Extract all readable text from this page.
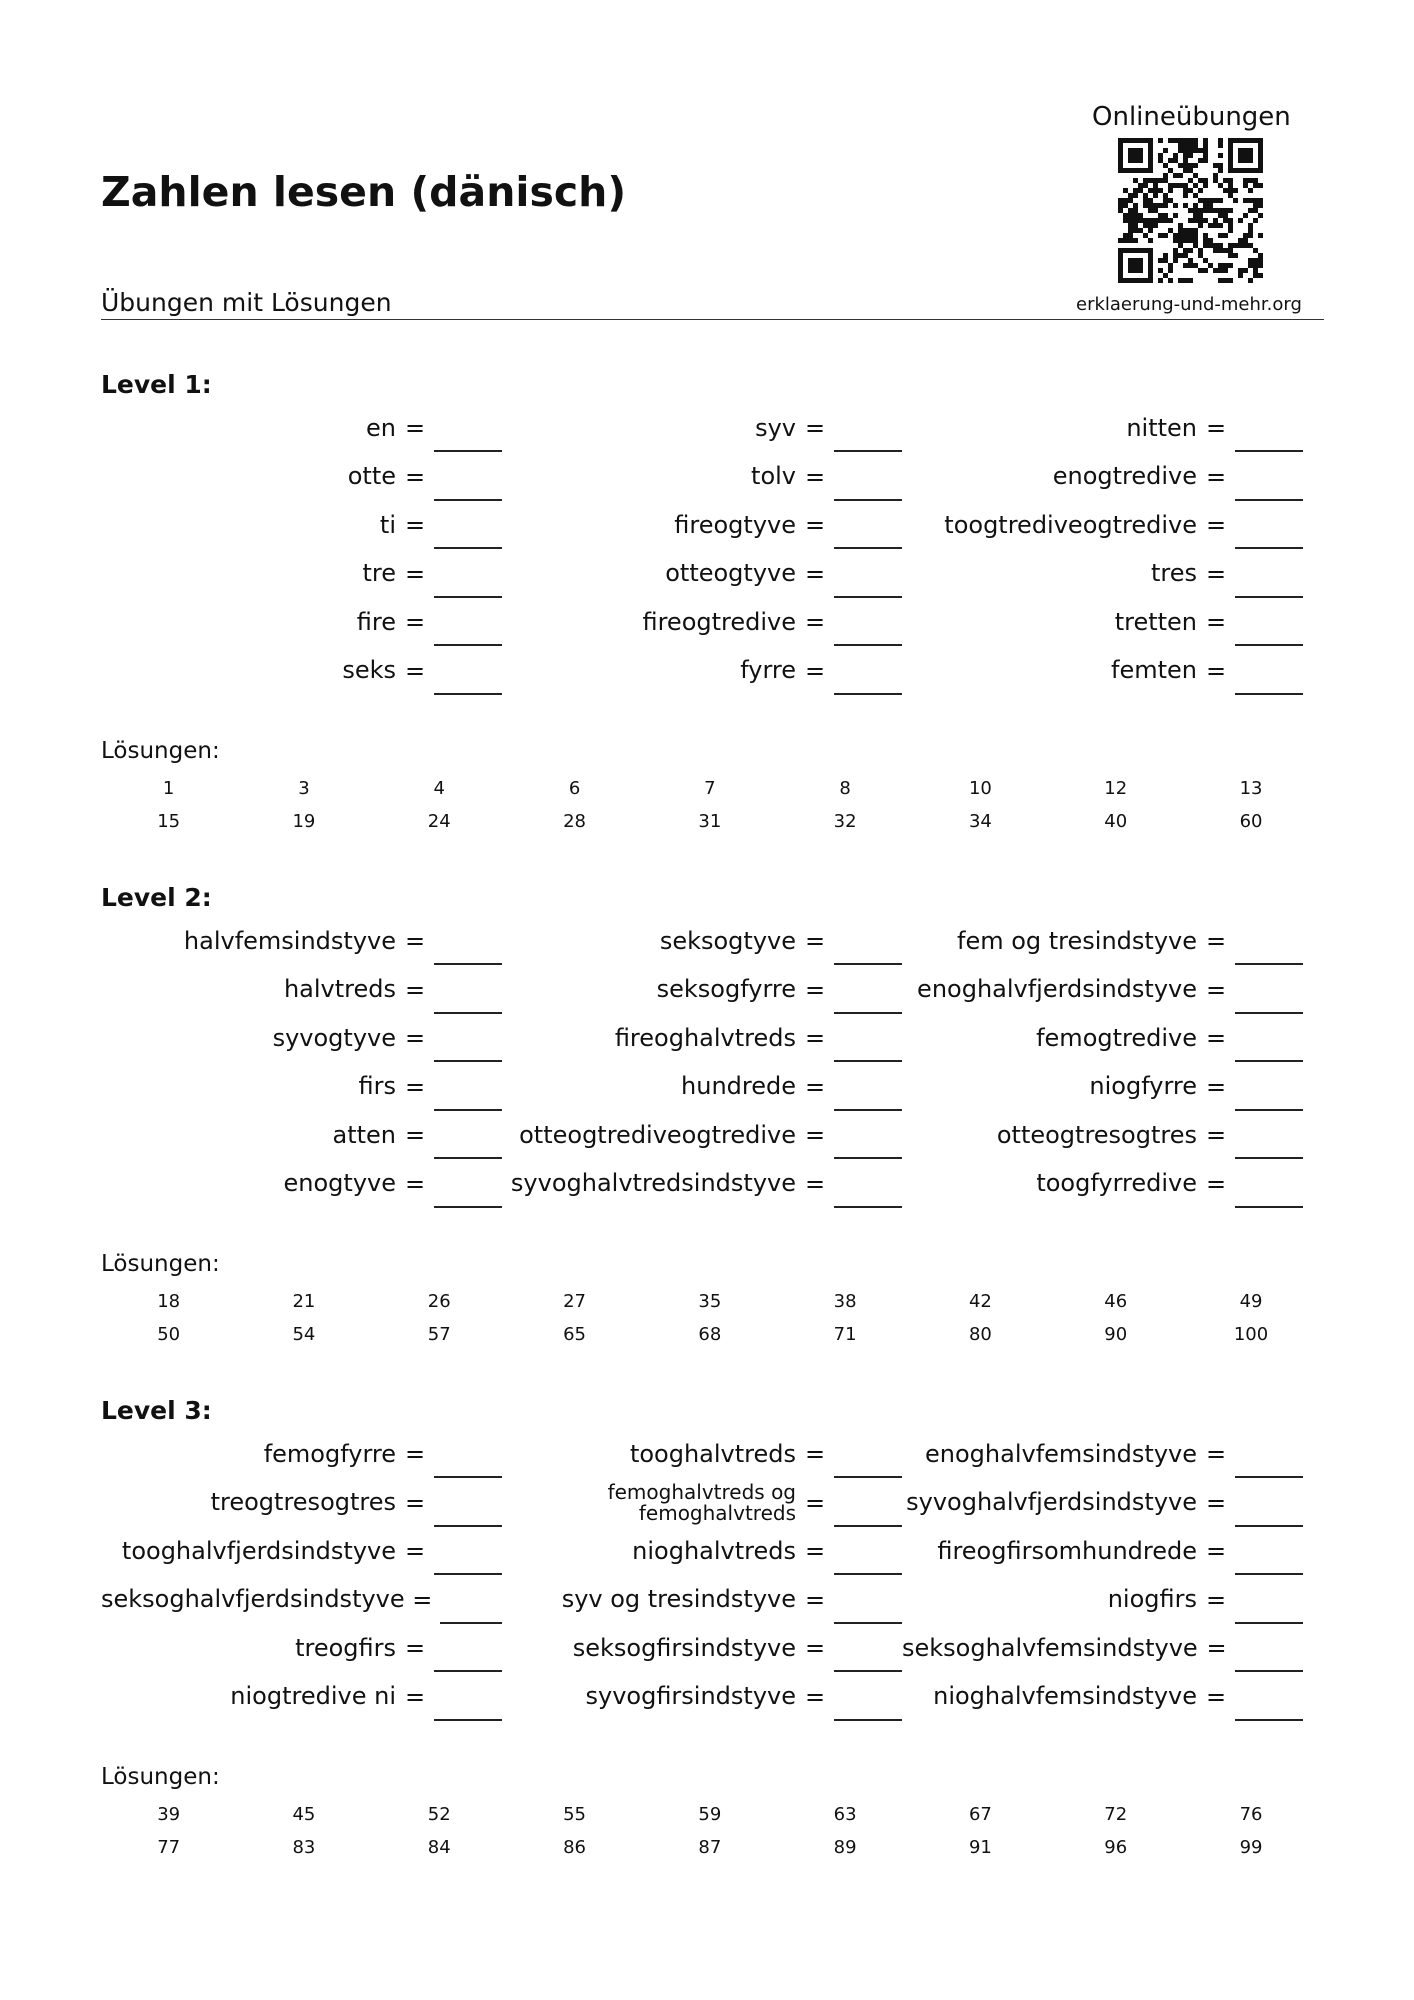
Zahlen lesen (dänisch)
Übungen mit Lösungen
Onlineübungen
erklaerung-und-mehr.org
Level 1:
en =	syv =	nitten =
otte =	tolv =	enogtredive =
ti =	fireogtyve =	toogtrediveogtredive =
tre =	otteogtyve =	tres =
fire =	fireogtredive =	tretten =
seks =	fyrre =	femten =
Lösungen:
1	3	4	6	7	8	10	12	13
15	19	24	28	31	32	34	40	60
Level 2:
halvfemsindstyve =	seksogtyve =	fem og tresindstyve =
halvtreds =	seksogfyrre =	enoghalvfjerdsindstyve =
syvogtyve =	fireoghalvtreds =	femogtredive =
firs =	hundrede =	niogfyrre =
atten =	otteogtrediveogtredive =	otteogtresogtres =
enogtyve =	syvoghalvtredsindstyve =	toogfyrredive =
Lösungen:
18	21	26	27	35	38	42	46	49
50	54	57	65	68	71	80	90	100
Level 3:
femogfyrre =	tooghalvtreds =	enoghalvfemsindstyve =
treogtresogtres =	femoghalvtreds og femoghalvtreds =	syvoghalvfjerdsindstyve =
tooghalvfjerdsindstyve =	nioghalvtreds =	fireogfirsomhundrede =
seksoghalvfjerdsindstyve =	syv og tresindstyve =	niogfirs =
treogfirs =	seksogfirsindstyve =	seksoghalvfemsindstyve =
niogtredive ni =	syvogfirsindstyve =	nioghalvfemsindstyve =
Lösungen:
39	45	52	55	59	63	67	72	76
77	83	84	86	87	89	91	96	99
